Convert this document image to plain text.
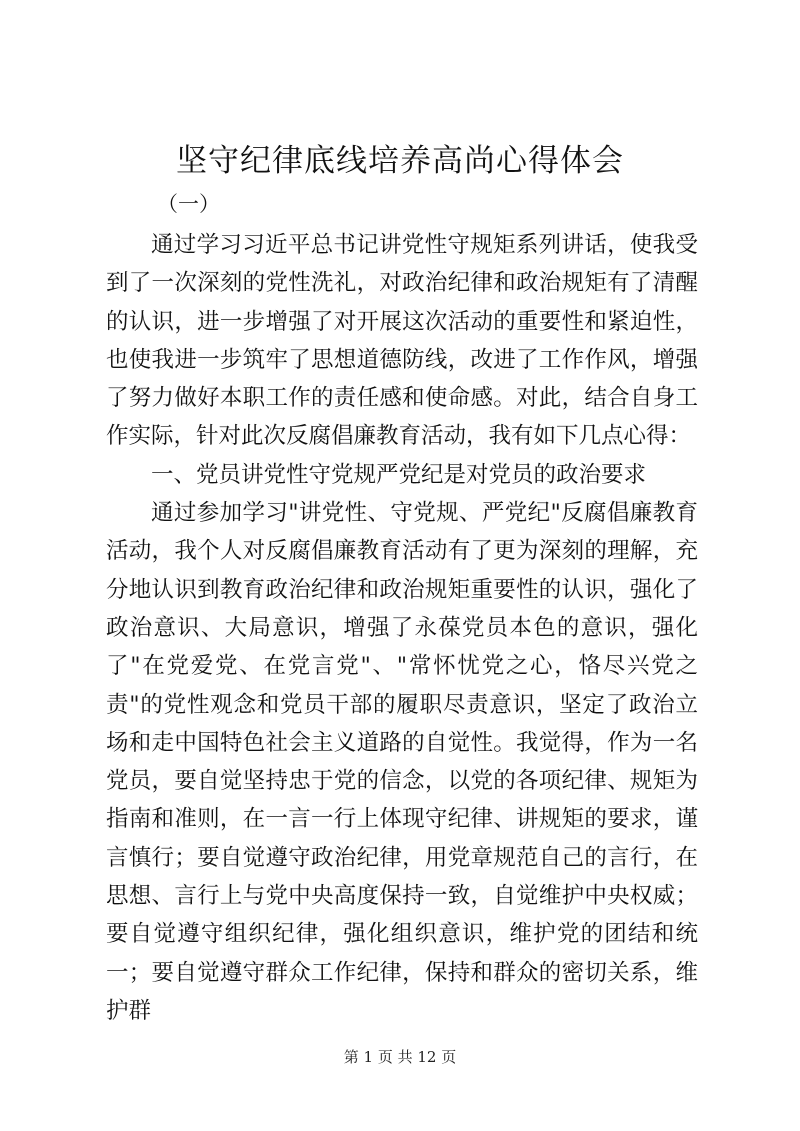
坚守纪律底线培养高尚心得体会

（一）

通过学习习近平总书记讲党性守规矩系列讲话，使我受到了一次深刻的党性洗礼，对政治纪律和政治规矩有了清醒的认识，进一步增强了对开展这次活动的重要性和紧迫性，也使我进一步筑牢了思想道德防线，改进了工作作风，增强了努力做好本职工作的责任感和使命感。对此，结合自身工作实际，针对此次反腐倡廉教育活动，我有如下几点心得：

一、党员讲党性守党规严党纪是对党员的政治要求

通过参加学习"讲党性、守党规、严党纪"反腐倡廉教育活动，我个人对反腐倡廉教育活动有了更为深刻的理解，充分地认识到教育政治纪律和政治规矩重要性的认识，强化了政治意识、大局意识，增强了永葆党员本色的意识，强化了"在党爱党、在党言党"、"常怀忧党之心，恪尽兴党之责"的党性观念和党员干部的履职尽责意识，坚定了政治立场和走中国特色社会主义道路的自觉性。我觉得，作为一名党员，要自觉坚持忠于党的信念，以党的各项纪律、规矩为指南和准则，在一言一行上体现守纪律、讲规矩的要求，谨言慎行；要自觉遵守政治纪律，用党章规范自己的言行，在思想、言行上与党中央高度保持一致，自觉维护中央权威；要自觉遵守组织纪律，强化组织意识，维护党的团结和统一；要自觉遵守群众工作纪律，保持和群众的密切关系，维护群

第 1 页 共 12 页
